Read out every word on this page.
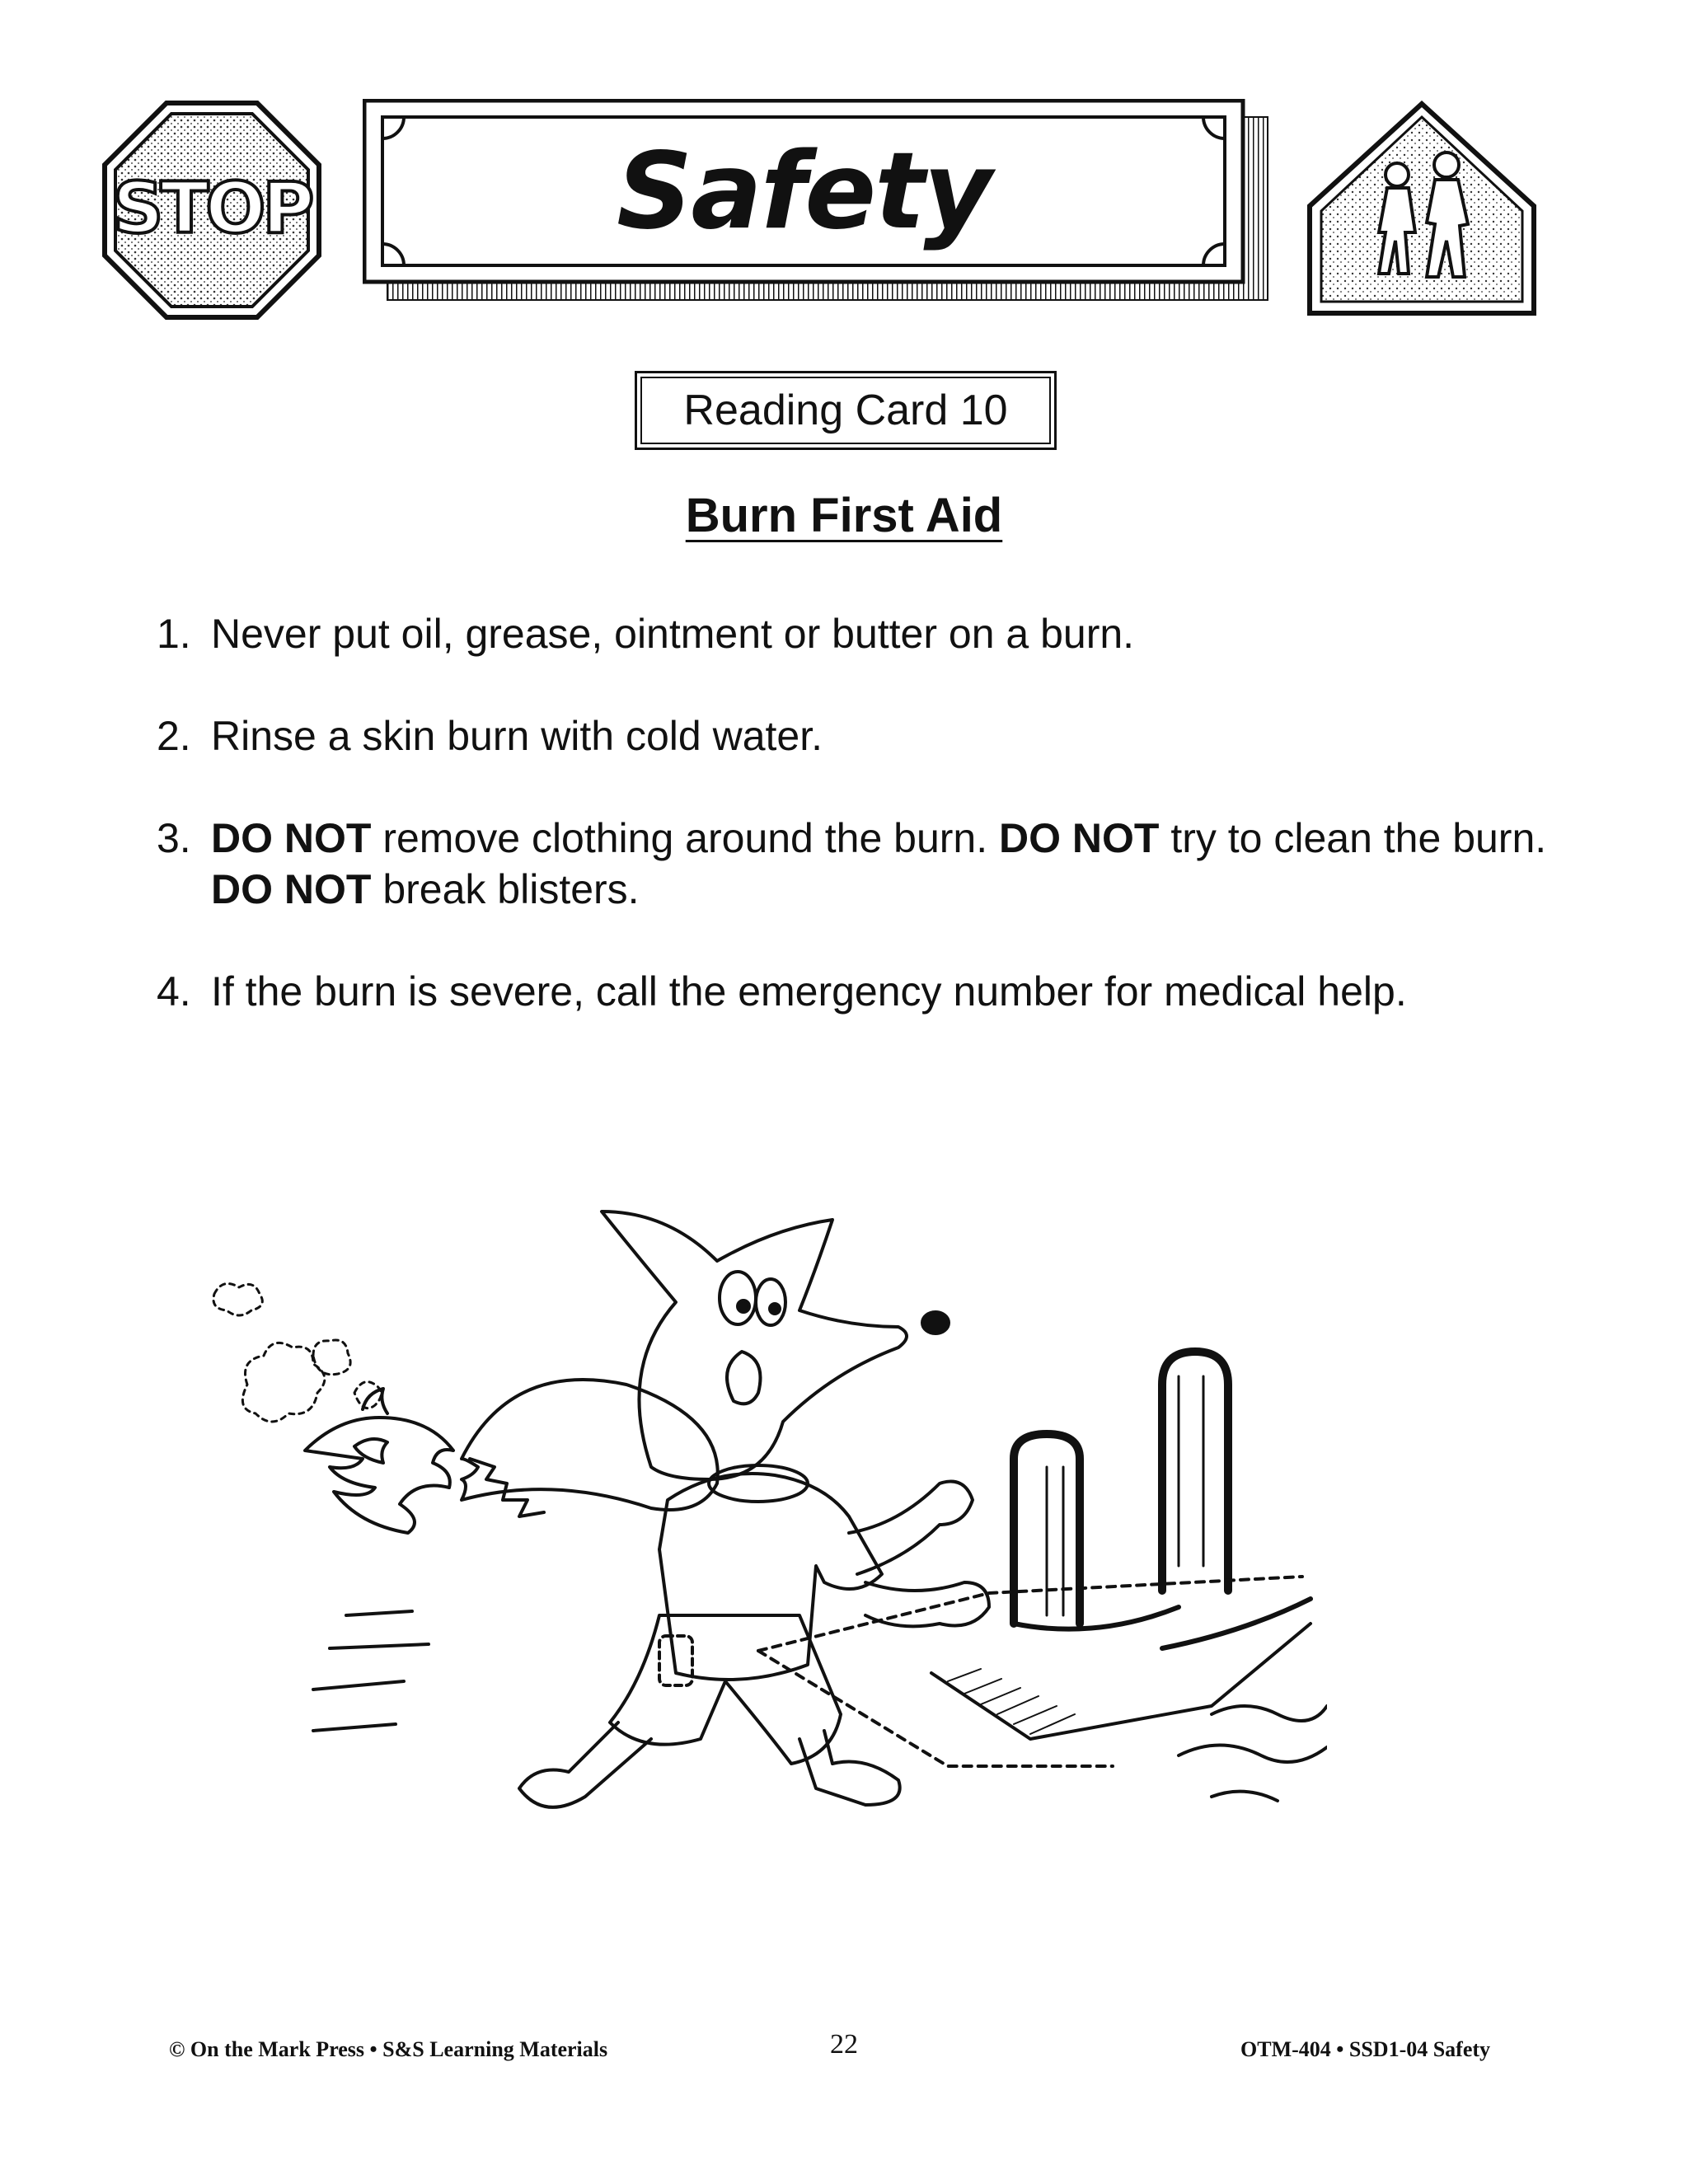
STOP	Safety
Reading Card 10
Burn First Aid
1. Never put oil, grease, ointment or butter on a burn.
2. Rinse a skin burn with cold water.
3. DO NOT remove clothing around the burn. DO NOT try to clean the burn. DO NOT break blisters.
4. If the burn is severe, call the emergency number for medical help.
© On the Mark Press • S&S Learning Materials	22	OTM-404 • SSD1-04 Safety
